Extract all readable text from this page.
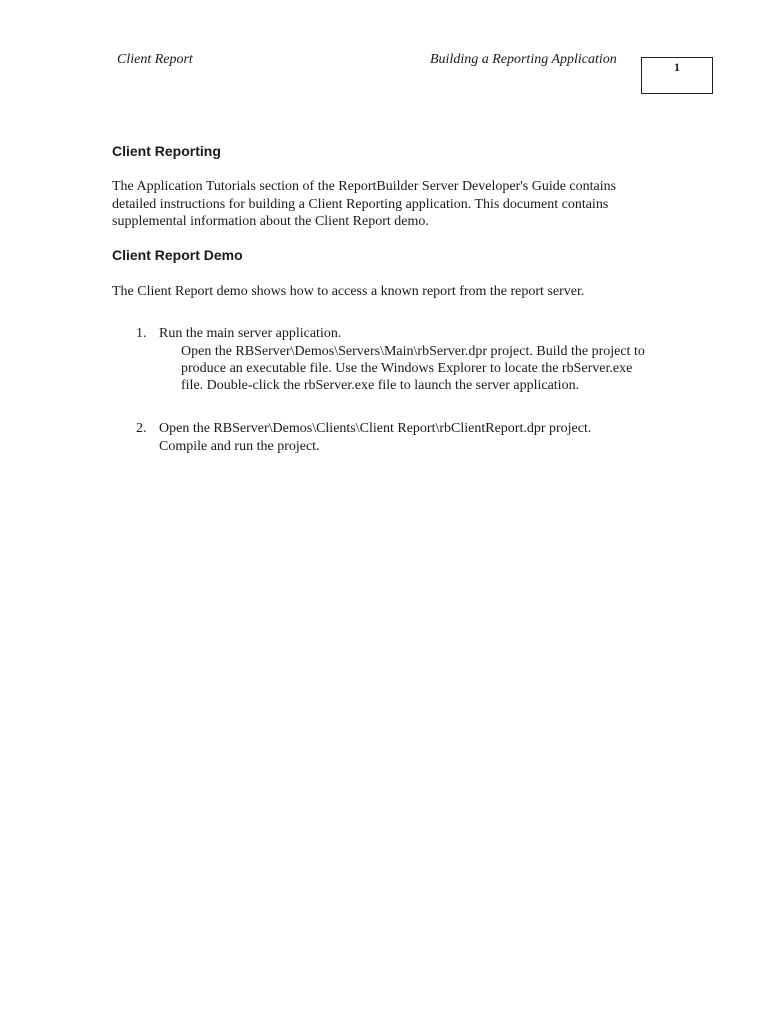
Client Report	Building a Reporting Application	1
Client Reporting

The Application Tutorials section of the ReportBuilder Server Developer's Guide contains detailed instructions for building a Client Reporting application. This document contains supplemental information about the Client Report demo.

Client Report Demo

The Client Report demo shows how to access a known report from the report server.

1. Run the main server application.

Open the RBServer\Demos\Servers\Main\rbServer.dpr project. Build the project to produce an executable file. Use the Windows Explorer to locate the rbServer.exe file. Double-click the rbServer.exe file to launch the server application.

2. Open the RBServer\Demos\Clients\Client Report\rbClientReport.dpr project. Compile and run the project.
